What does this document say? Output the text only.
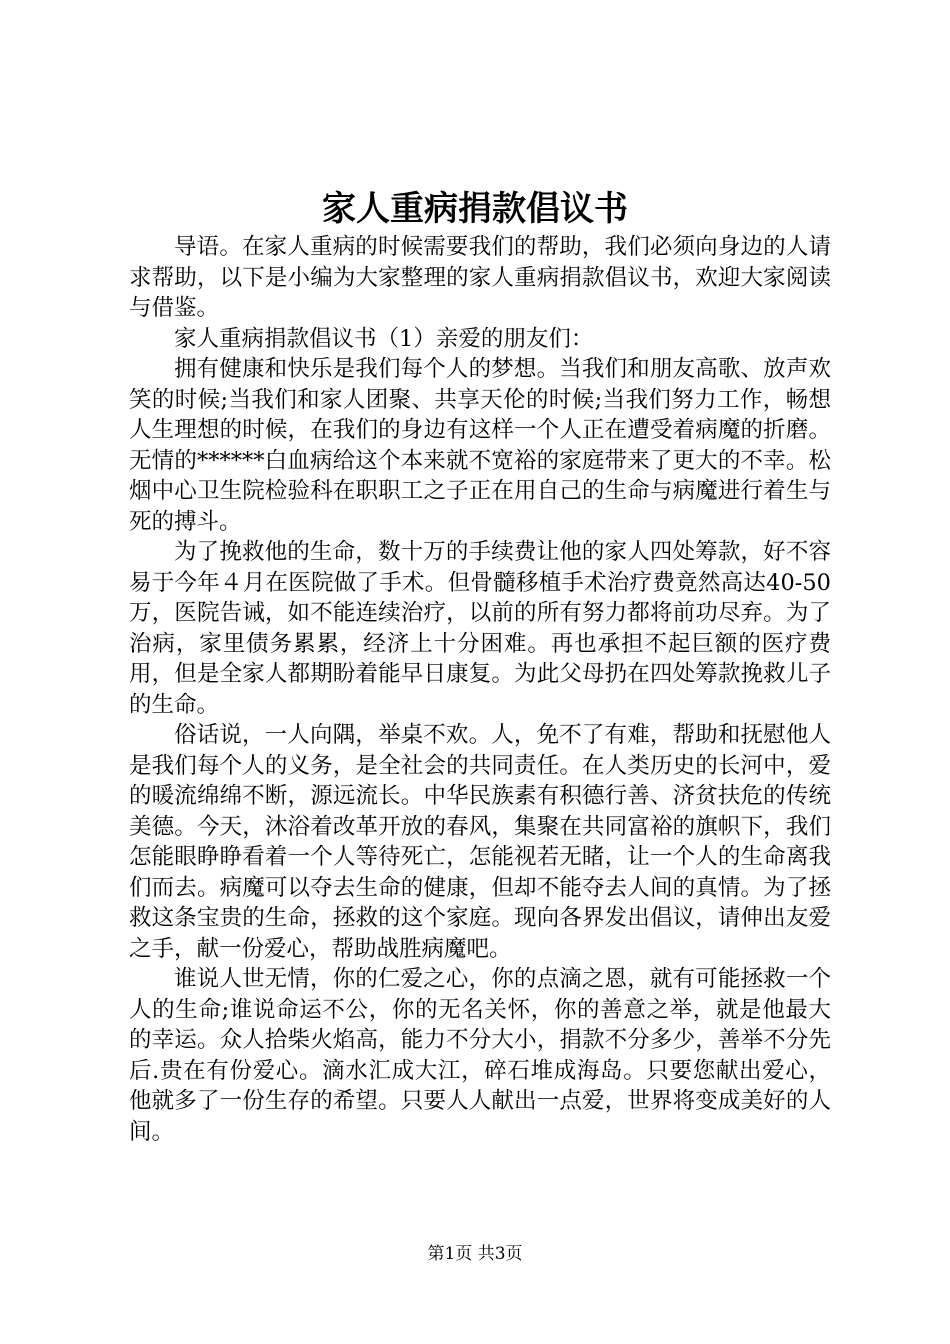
家人重病捐款倡议书

导语。在家人重病的时候需要我们的帮助，我们必须向身边的人请求帮助，以下是小编为大家整理的家人重病捐款倡议书，欢迎大家阅读与借鉴。

家人重病捐款倡议书（1）亲爱的朋友们：

拥有健康和快乐是我们每个人的梦想。当我们和朋友高歌、放声欢笑的时候;当我们和家人团聚、共享天伦的时候;当我们努力工作，畅想人生理想的时候，在我们的身边有这样一个人正在遭受着病魔的折磨。无情的******白血病给这个本来就不宽裕的家庭带来了更大的不幸。松烟中心卫生院检验科在职职工之子正在用自己的生命与病魔进行着生与死的搏斗。

为了挽救他的生命，数十万的手续费让他的家人四处筹款，好不容易于今年４月在医院做了手术。但骨髓移植手术治疗费竟然高达40-50万，医院告诫，如不能连续治疗，以前的所有努力都将前功尽弃。为了治病，家里债务累累，经济上十分困难。再也承担不起巨额的医疗费用，但是全家人都期盼着能早日康复。为此父母扔在四处筹款挽救儿子的生命。

俗话说，一人向隅，举桌不欢。人，免不了有难，帮助和抚慰他人是我们每个人的义务，是全社会的共同责任。在人类历史的长河中，爱的暖流绵绵不断，源远流长。中华民族素有积德行善、济贫扶危的传统美德。今天，沐浴着改革开放的春风，集聚在共同富裕的旗帜下，我们怎能眼睁睁看着一个人等待死亡，怎能视若无睹，让一个人的生命离我们而去。病魔可以夺去生命的健康，但却不能夺去人间的真情。为了拯救这条宝贵的生命，拯救的这个家庭。现向各界发出倡议，请伸出友爱之手，献一份爱心，帮助战胜病魔吧。

谁说人世无情，你的仁爱之心，你的点滴之恩，就有可能拯救一个人的生命;谁说命运不公，你的无名关怀，你的善意之举，就是他最大的幸运。众人拾柴火焰高，能力不分大小，捐款不分多少，善举不分先后.贵在有份爱心。滴水汇成大江，碎石堆成海岛。只要您献出爱心，他就多了一份生存的希望。只要人人献出一点爱，世界将变成美好的人间。

第1页 共3页
